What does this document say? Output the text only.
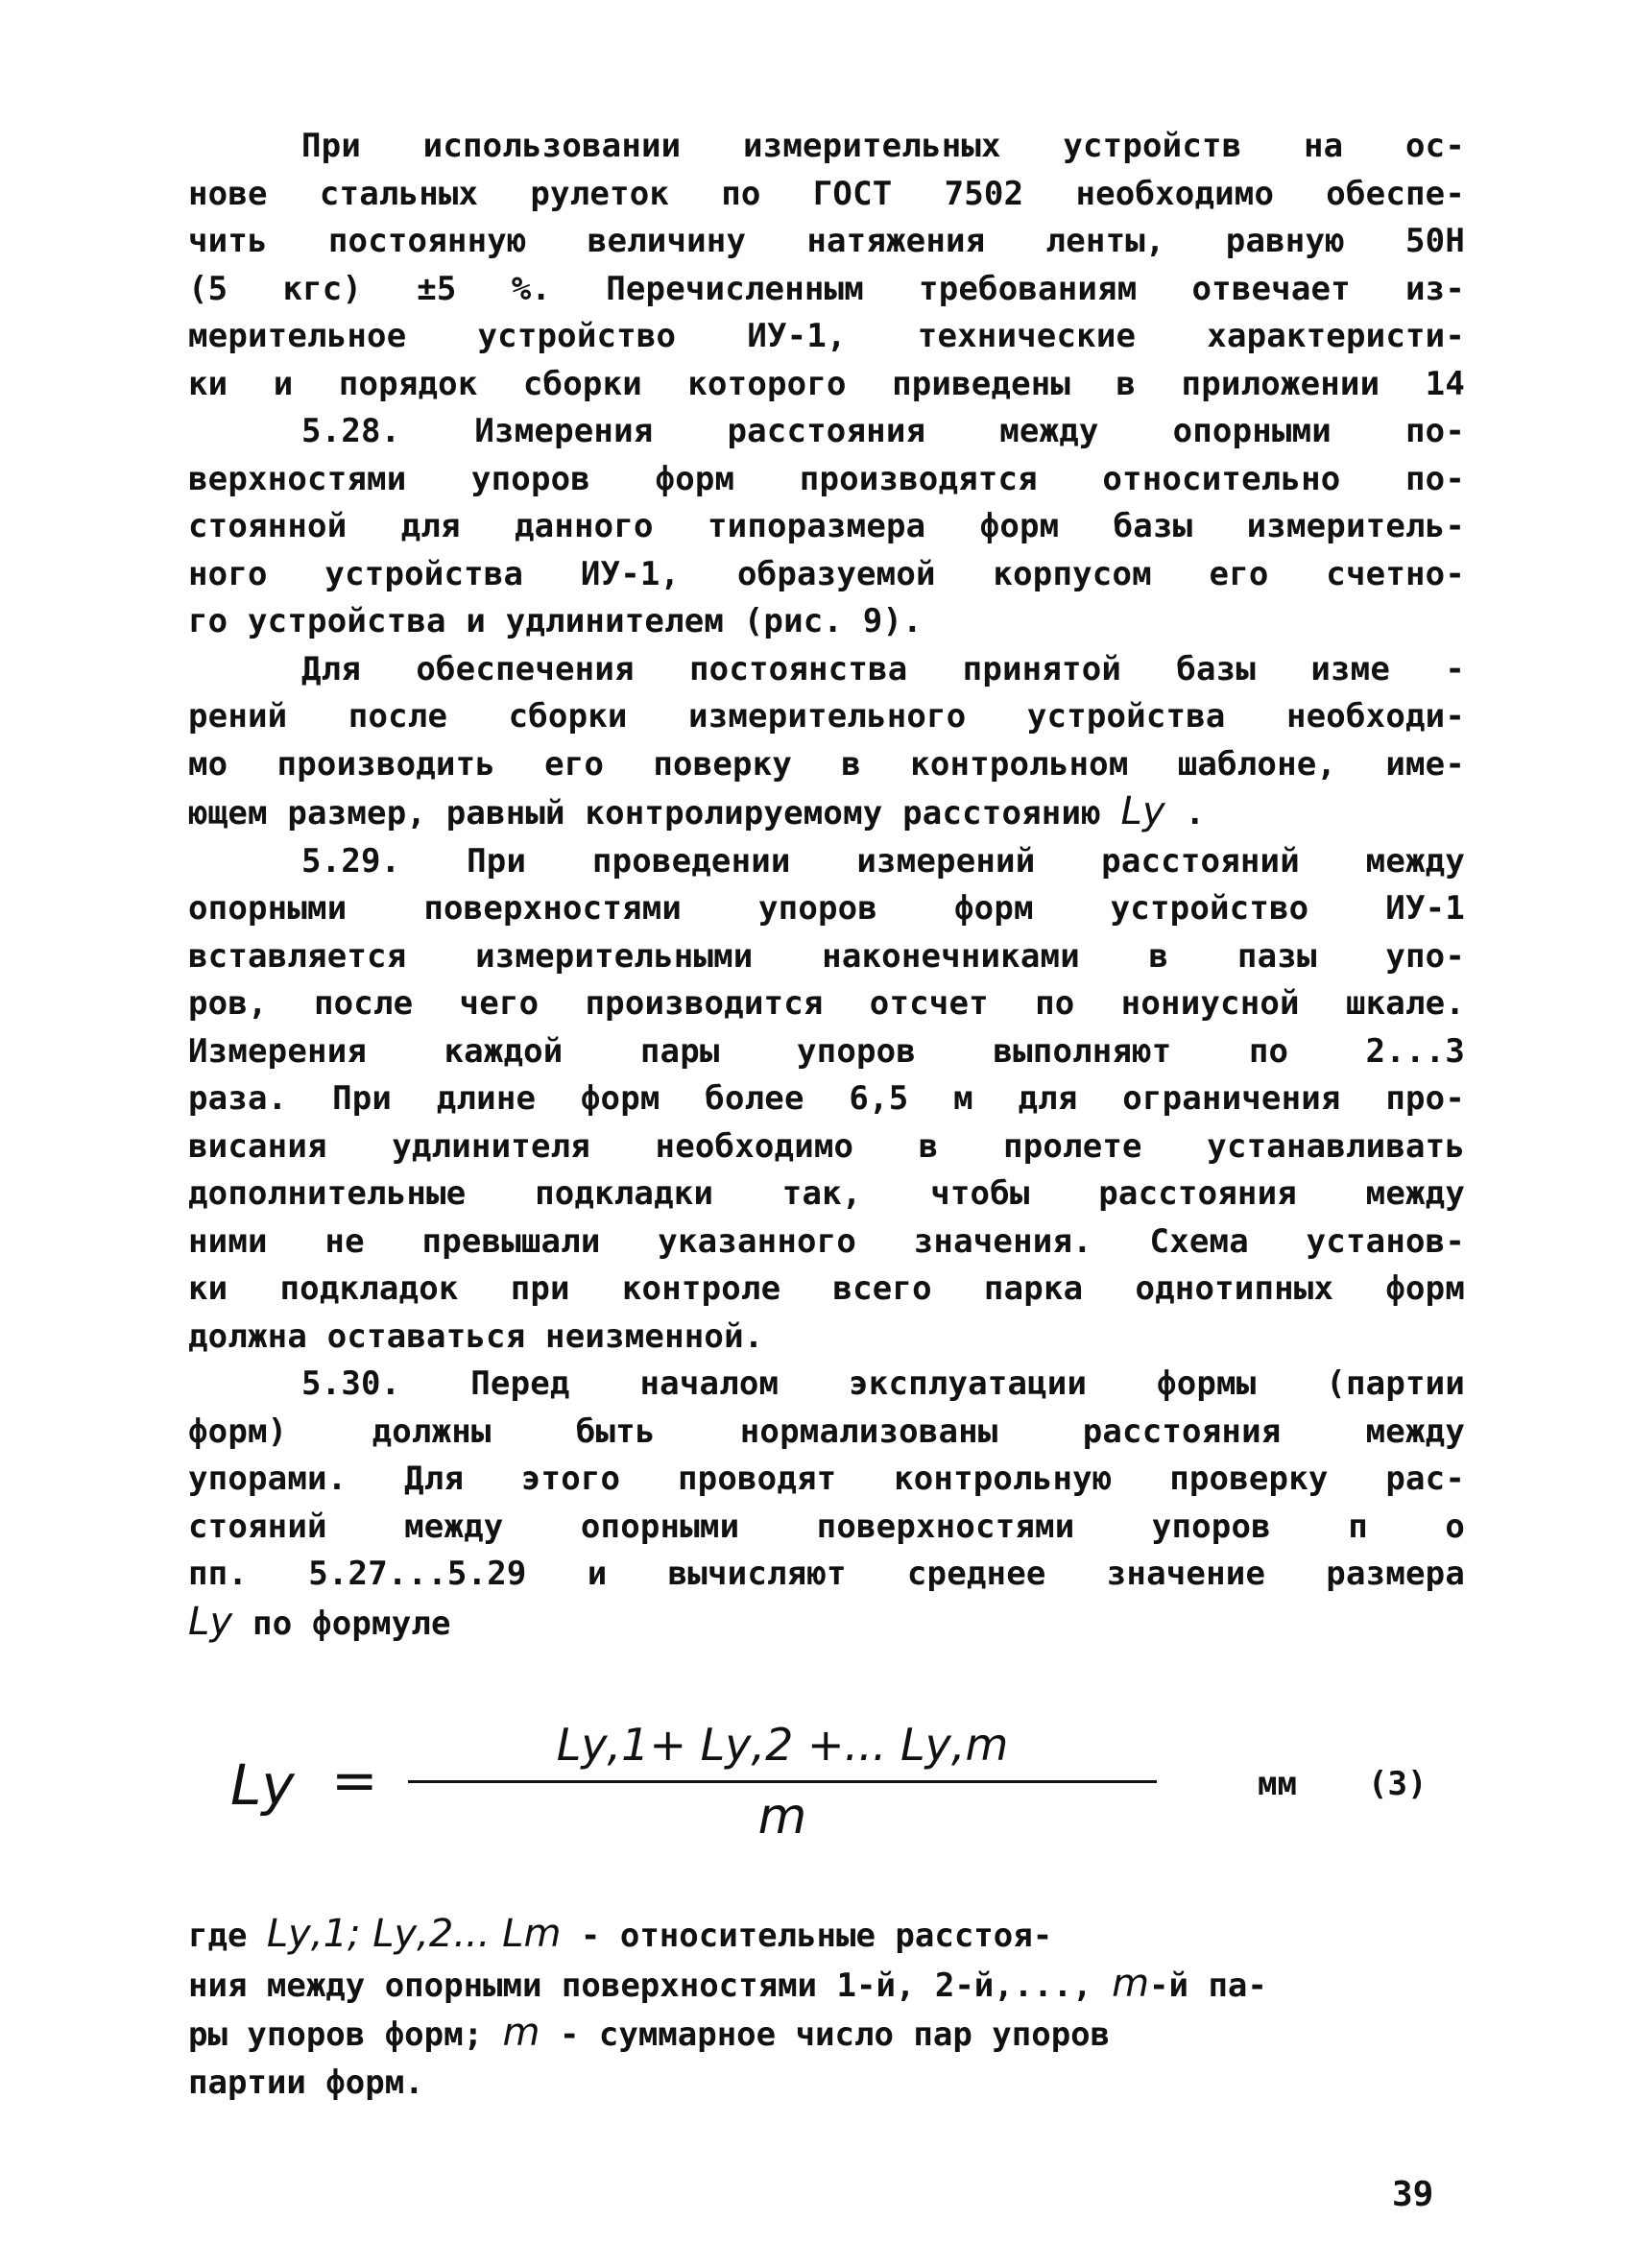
При использовании измерительных устройств на ос-
нове стальных рулеток по ГОСТ 7502 необходимо обеспе-
чить постоянную величину натяжения ленты, равную 50Н
(5 кгс) ±5 %. Перечисленным требованиям отвечает из-
мерительное устройство ИУ-1, технические характеристи-
ки и порядок сборки которого приведены в приложении 14
5.28. Измерения расстояния между опорными по-
верхностями упоров форм производятся относительно по-
стоянной для данного типоразмера форм базы измеритель-
ного устройства ИУ-1, образуемой корпусом его счетно-
го устройства и удлинителем (рис. 9).
Для обеспечения постоянства принятой базы изме -
рений после сборки измерительного устройства необходи-
мо производить его поверку в контрольном шаблоне, име-
ющем размер, равный контролируемому расстоянию Lу .
5.29. При проведении измерений расстояний между
опорными поверхностями упоров форм устройство ИУ-1
вставляется измерительными наконечниками в пазы упо-
ров, после чего производится отсчет по нониусной шкале.
Измерения каждой пары упоров выполняют по 2...3
раза. При длине форм более 6,5 м для ограничения про-
висания удлинителя необходимо в пролете устанавливать
дополнительные подкладки так, чтобы расстояния между
ними не превышали указанного значения. Схема установ-
ки подкладок при контроле всего парка однотипных форм
должна оставаться неизменной.
5.30. Перед началом эксплуатации формы (партии
форм) должны быть нормализованы расстояния между
упорами. Для этого проводят контрольную проверку рас-
стояний между опорными поверхностями упоров п о
пп. 5.27...5.29 и вычисляют среднее значение размера
Lу по формуле
Lу =
Lу,1+ Lу,2 +... Lу,m
m
мм (3)
где Lу,1; Lу,2... Lm - относительные расстоя-
ния между опорными поверхностями 1-й, 2-й,..., m-й па-
ры упоров форм; m - суммарное число пар упоров
партии форм.
39
